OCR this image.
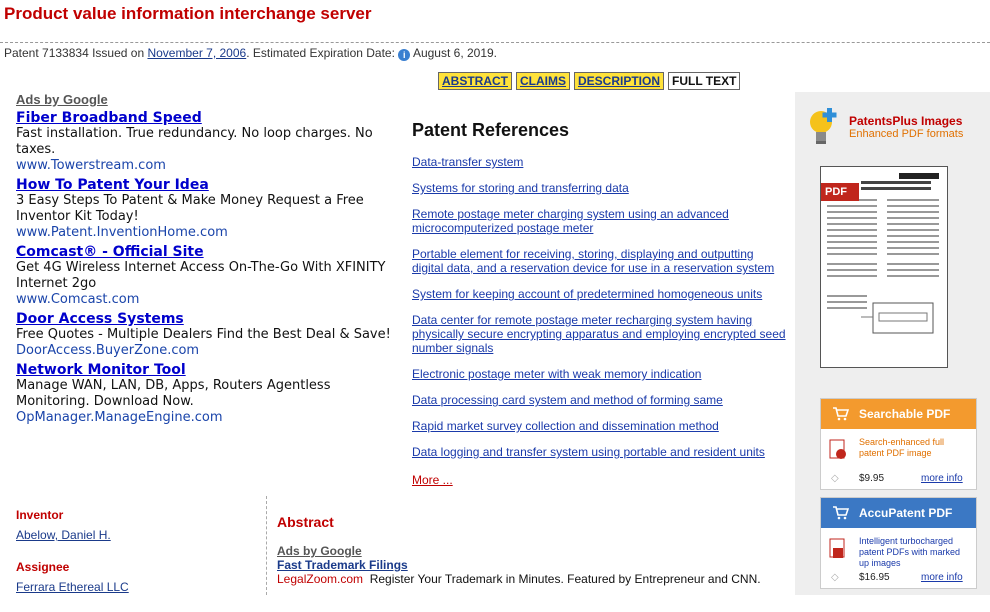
Product value information interchange server
Patent 7133834 Issued on November 7, 2006. Estimated Expiration Date: i August 6, 2019.
ABSTRACT	CLAIMS	DESCRIPTION	FULL TEXT
Ads by Google
Fiber Broadband Speed
Fast installation. True redundancy. No loop charges. No taxes.
www.Towerstream.com
How To Patent Your Idea
3 Easy Steps To Patent & Make Money Request a Free Inventor Kit Today!
www.Patent.InventionHome.com
Comcast® - Official Site
Get 4G Wireless Internet Access On-The-Go With XFINITY Internet 2go
www.Comcast.com
Door Access Systems
Free Quotes - Multiple Dealers Find the Best Deal & Save!
DoorAccess.BuyerZone.com
Network Monitor Tool
Manage WAN, LAN, DB, Apps, Routers Agentless Monitoring. Download Now.
OpManager.ManageEngine.com
Patent References
Data-transfer system
Systems for storing and transferring data
Remote postage meter charging system using an advanced microcomputerized postage meter
Portable element for receiving, storing, displaying and outputting digital data, and a reservation device for use in a reservation system
System for keeping account of predetermined homogeneous units
Data center for remote postage meter recharging system having physically secure encrypting apparatus and employing encrypted seed number signals
Electronic postage meter with weak memory indication
Data processing card system and method of forming same
Rapid market survey collection and dissemination method
Data logging and transfer system using portable and resident units
More ...
PatentsPlus Images
Enhanced PDF formats
PDF
Searchable PDF
Search-enhanced full patent PDF image
◇ $9.95	more info
AccuPatent PDF
Intelligent turbocharged patent PDFs with marked up images
◇ $16.95	more info
Inventor
Abelow, Daniel H.
Assignee
Ferrara Ethereal LLC
Abstract
Ads by Google
Fast Trademark Filings
LegalZoom.com Register Your Trademark in Minutes. Featured by Entrepreneur and CNN.
